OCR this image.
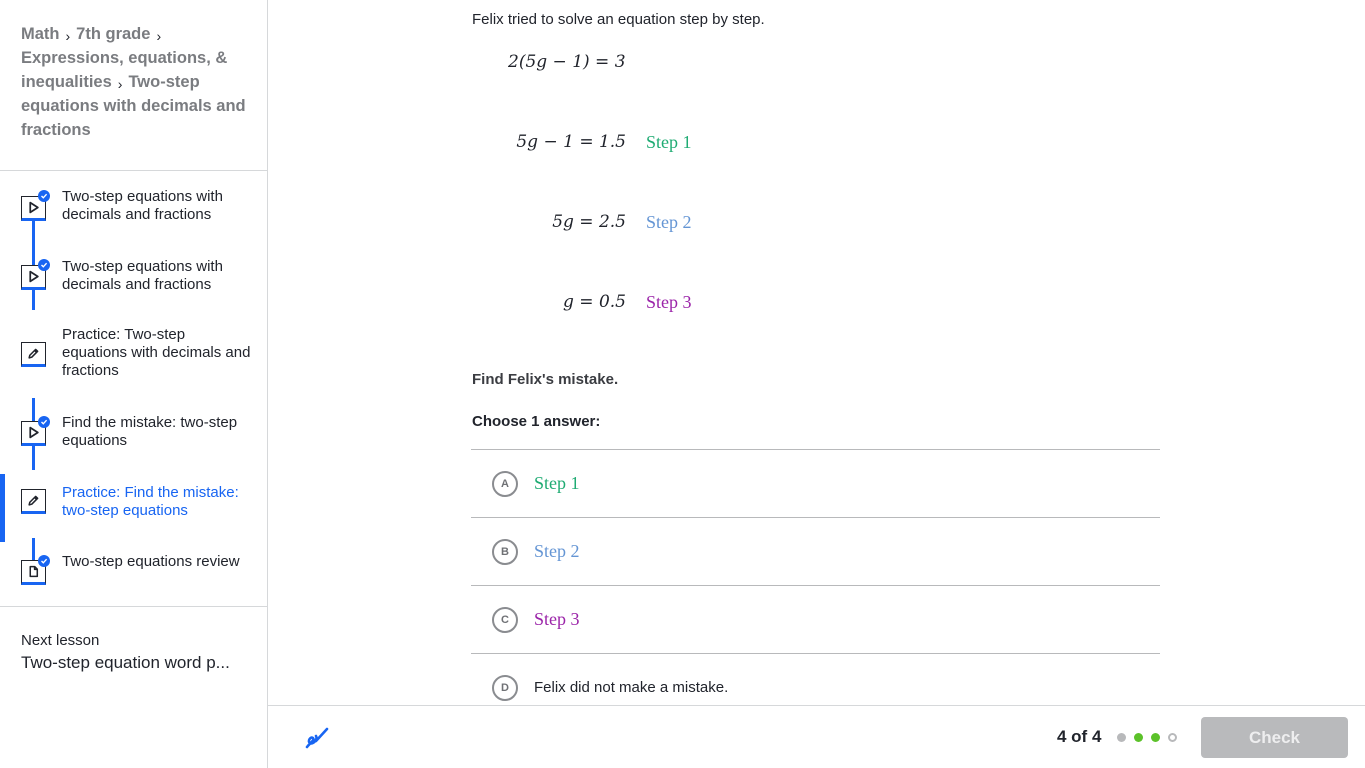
Math › 7th grade ›Expressions, equations, & inequalities › Two-step equations with decimals and fractions
Two-step equations with decimals and fractions
Two-step equations with decimals and fractions
Practice: Two-step equations with decimals and fractions
Find the mistake: two-step equations
Practice: Find the mistake: two-step equations
Two-step equations review
Next lesson
Two-step equation word p...
Felix tried to solve an equation step by step.
2(5g − 1) = 3
5g − 1 = 1.5 Step 1
5g = 2.5 Step 2
g = 0.5 Step 3
Find Felix's mistake.
Choose 1 answer:
A	Step 1
B	Step 2
C	Step 3
D	Felix did not make a mistake.
4 of 4	Check
